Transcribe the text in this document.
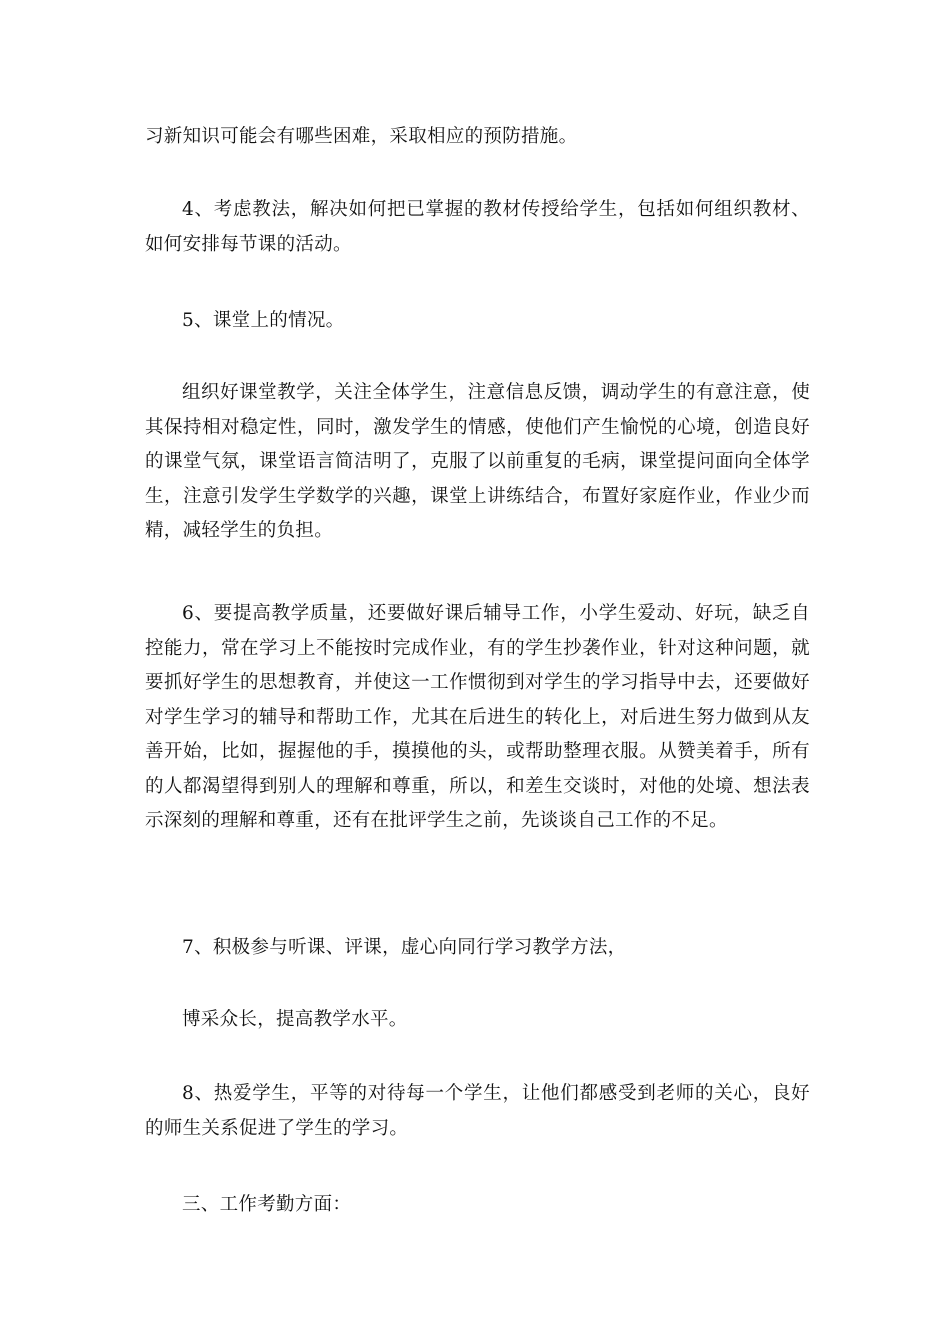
习新知识可能会有哪些困难，采取相应的预防措施。

4、考虑教法，解决如何把已掌握的教材传授给学生，包括如何组织教材、如何安排每节课的活动。

5、课堂上的情况。

组织好课堂教学，关注全体学生，注意信息反馈，调动学生的有意注意，使其保持相对稳定性，同时，激发学生的情感，使他们产生愉悦的心境，创造良好的课堂气氛，课堂语言简洁明了，克服了以前重复的毛病，课堂提问面向全体学生，注意引发学生学数学的兴趣，课堂上讲练结合，布置好家庭作业，作业少而精，减轻学生的负担。

6、要提高教学质量，还要做好课后辅导工作，小学生爱动、好玩，缺乏自控能力，常在学习上不能按时完成作业，有的学生抄袭作业，针对这种问题，就要抓好学生的思想教育，并使这一工作惯彻到对学生的学习指导中去，还要做好对学生学习的辅导和帮助工作，尤其在后进生的转化上，对后进生努力做到从友善开始，比如，握握他的手，摸摸他的头，或帮助整理衣服。从赞美着手，所有的人都渴望得到别人的理解和尊重，所以，和差生交谈时，对他的处境、想法表示深刻的理解和尊重，还有在批评学生之前，先谈谈自己工作的不足。

7、积极参与听课、评课，虚心向同行学习教学方法，

博采众长，提高教学水平。

8、热爱学生，平等的对待每一个学生，让他们都感受到老师的关心，良好的师生关系促进了学生的学习。

三、工作考勤方面：
